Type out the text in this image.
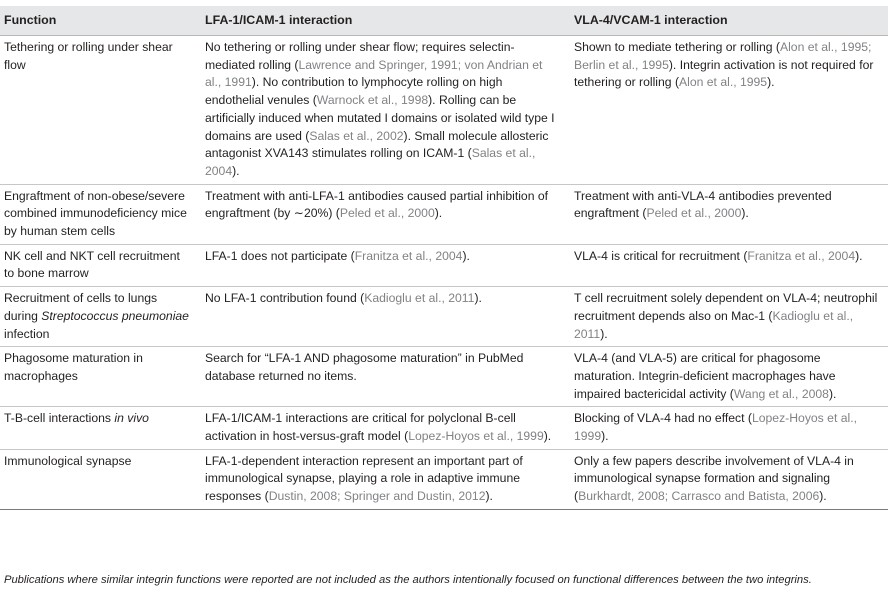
Function	LFA-1/ICAM-1 interaction	VLA-4/VCAM-1 interaction
Tethering or rolling under shear flow	No tethering or rolling under shear flow; requires selectin-mediated rolling (Lawrence and Springer, 1991; von Andrian et al., 1991). No contribution to lymphocyte rolling on high endothelial venules (Warnock et al., 1998). Rolling can be artificially induced when mutated I domains or isolated wild type I domains are used (Salas et al., 2002). Small molecule allosteric antagonist XVA143 stimulates rolling on ICAM-1 (Salas et al., 2004).	Shown to mediate tethering or rolling (Alon et al., 1995; Berlin et al., 1995). Integrin activation is not required for tethering or rolling (Alon et al., 1995).
Engraftment of non-obese/severe combined immunodeficiency mice by human stem cells	Treatment with anti-LFA-1 antibodies caused partial inhibition of engraftment (by ∼20%) (Peled et al., 2000).	Treatment with anti-VLA-4 antibodies prevented engraftment (Peled et al., 2000).
NK cell and NKT cell recruitment to bone marrow	LFA-1 does not participate (Franitza et al., 2004).	VLA-4 is critical for recruitment (Franitza et al., 2004).
Recruitment of cells to lungs during Streptococcus pneumoniae infection	No LFA-1 contribution found (Kadioglu et al., 2011).	T cell recruitment solely dependent on VLA-4; neutrophil recruitment depends also on Mac-1 (Kadioglu et al., 2011).
Phagosome maturation in macrophages	Search for “LFA-1 AND phagosome maturation” in PubMed database returned no items.	VLA-4 (and VLA-5) are critical for phagosome maturation. Integrin-deficient macrophages have impaired bactericidal activity (Wang et al., 2008).
T-B-cell interactions in vivo	LFA-1/ICAM-1 interactions are critical for polyclonal B-cell activation in host-versus-graft model (Lopez-Hoyos et al., 1999).	Blocking of VLA-4 had no effect (Lopez-Hoyos et al., 1999).
Immunological synapse	LFA-1-dependent interaction represent an important part of immunological synapse, playing a role in adaptive immune responses (Dustin, 2008; Springer and Dustin, 2012).	Only a few papers describe involvement of VLA-4 in immunological synapse formation and signaling (Burkhardt, 2008; Carrasco and Batista, 2006).
Publications where similar integrin functions were reported are not included as the authors intentionally focused on functional differences between the two integrins.
